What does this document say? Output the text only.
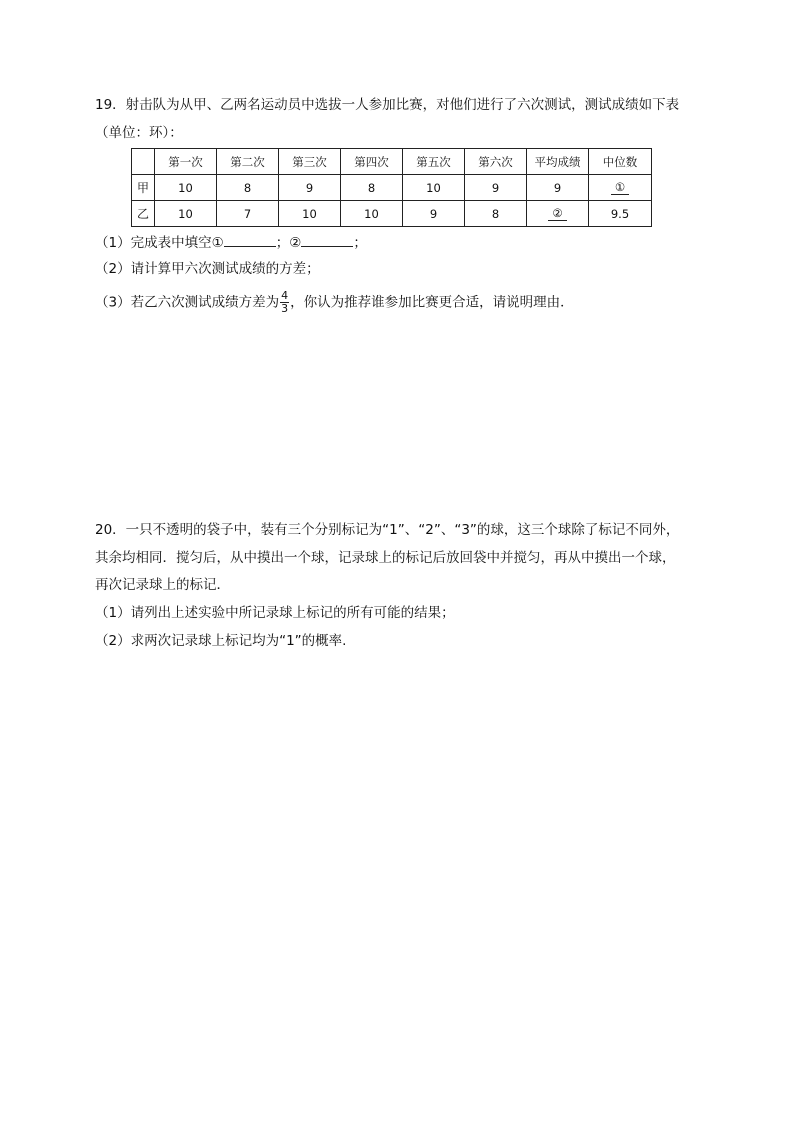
19．射击队为从甲、乙两名运动员中选拔一人参加比赛，对他们进行了六次测试，测试成绩如下表
（单位：环）：
	第一次	第二次	第三次	第四次	第五次	第六次	平均成绩	中位数
甲	10	8	9	8	10	9	9	①
乙	10	7	10	10	9	8	②	9.5
（1）完成表中填空①	；②	；
（2）请计算甲六次测试成绩的方差；
（3）若乙六次测试成绩方差为 $\frac{4}{3}$ ，你认为推荐谁参加比赛更合适，请说明理由．
20．一只不透明的袋子中，装有三个分别标记为“1”、“2”、“3”的球，这三个球除了标记不同外，
其余均相同．搅匀后，从中摸出一个球，记录球上的标记后放回袋中并搅匀，再从中摸出一个球，
再次记录球上的标记．
（1）请列出上述实验中所记录球上标记的所有可能的结果；
（2）求两次记录球上标记均为“1”的概率.
